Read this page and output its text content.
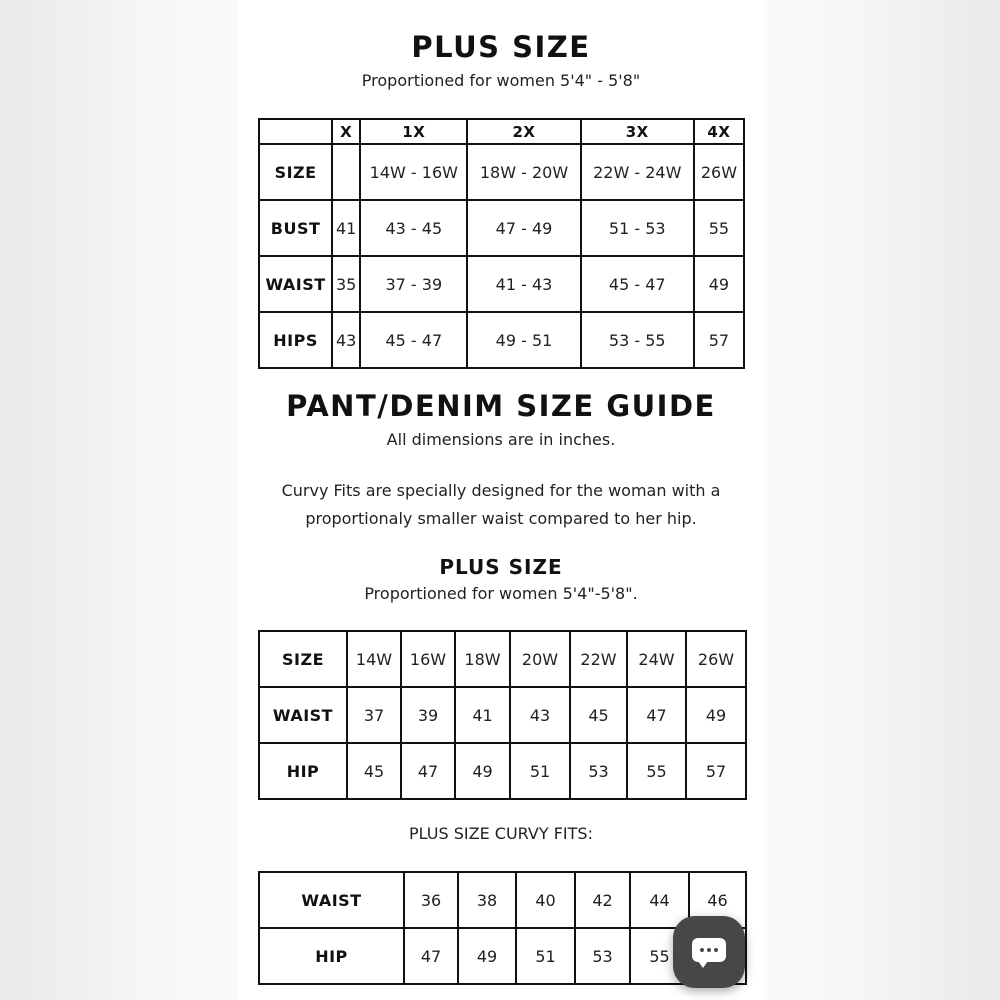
PLUS SIZE
Proportioned for women 5'4" - 5'8"
	X	1X	2X	3X	4X
SIZE		14W - 16W	18W - 20W	22W - 24W	26W
BUST	41	43 - 45	47 - 49	51 - 53	55
WAIST	35	37 - 39	41 - 43	45 - 47	49
HIPS	43	45 - 47	49 - 51	53 - 55	57
PANT/DENIM SIZE GUIDE
All dimensions are in inches.
Curvy Fits are specially designed for the woman with a
proportionaly smaller waist compared to her hip.
PLUS SIZE
Proportioned for women 5'4"-5'8".
SIZE	14W	16W	18W	20W	22W	24W	26W
WAIST	37	39	41	43	45	47	49
HIP	45	47	49	51	53	55	57
PLUS SIZE CURVY FITS:
WAIST	36	38	40	42	44	46
HIP	47	49	51	53	55	
